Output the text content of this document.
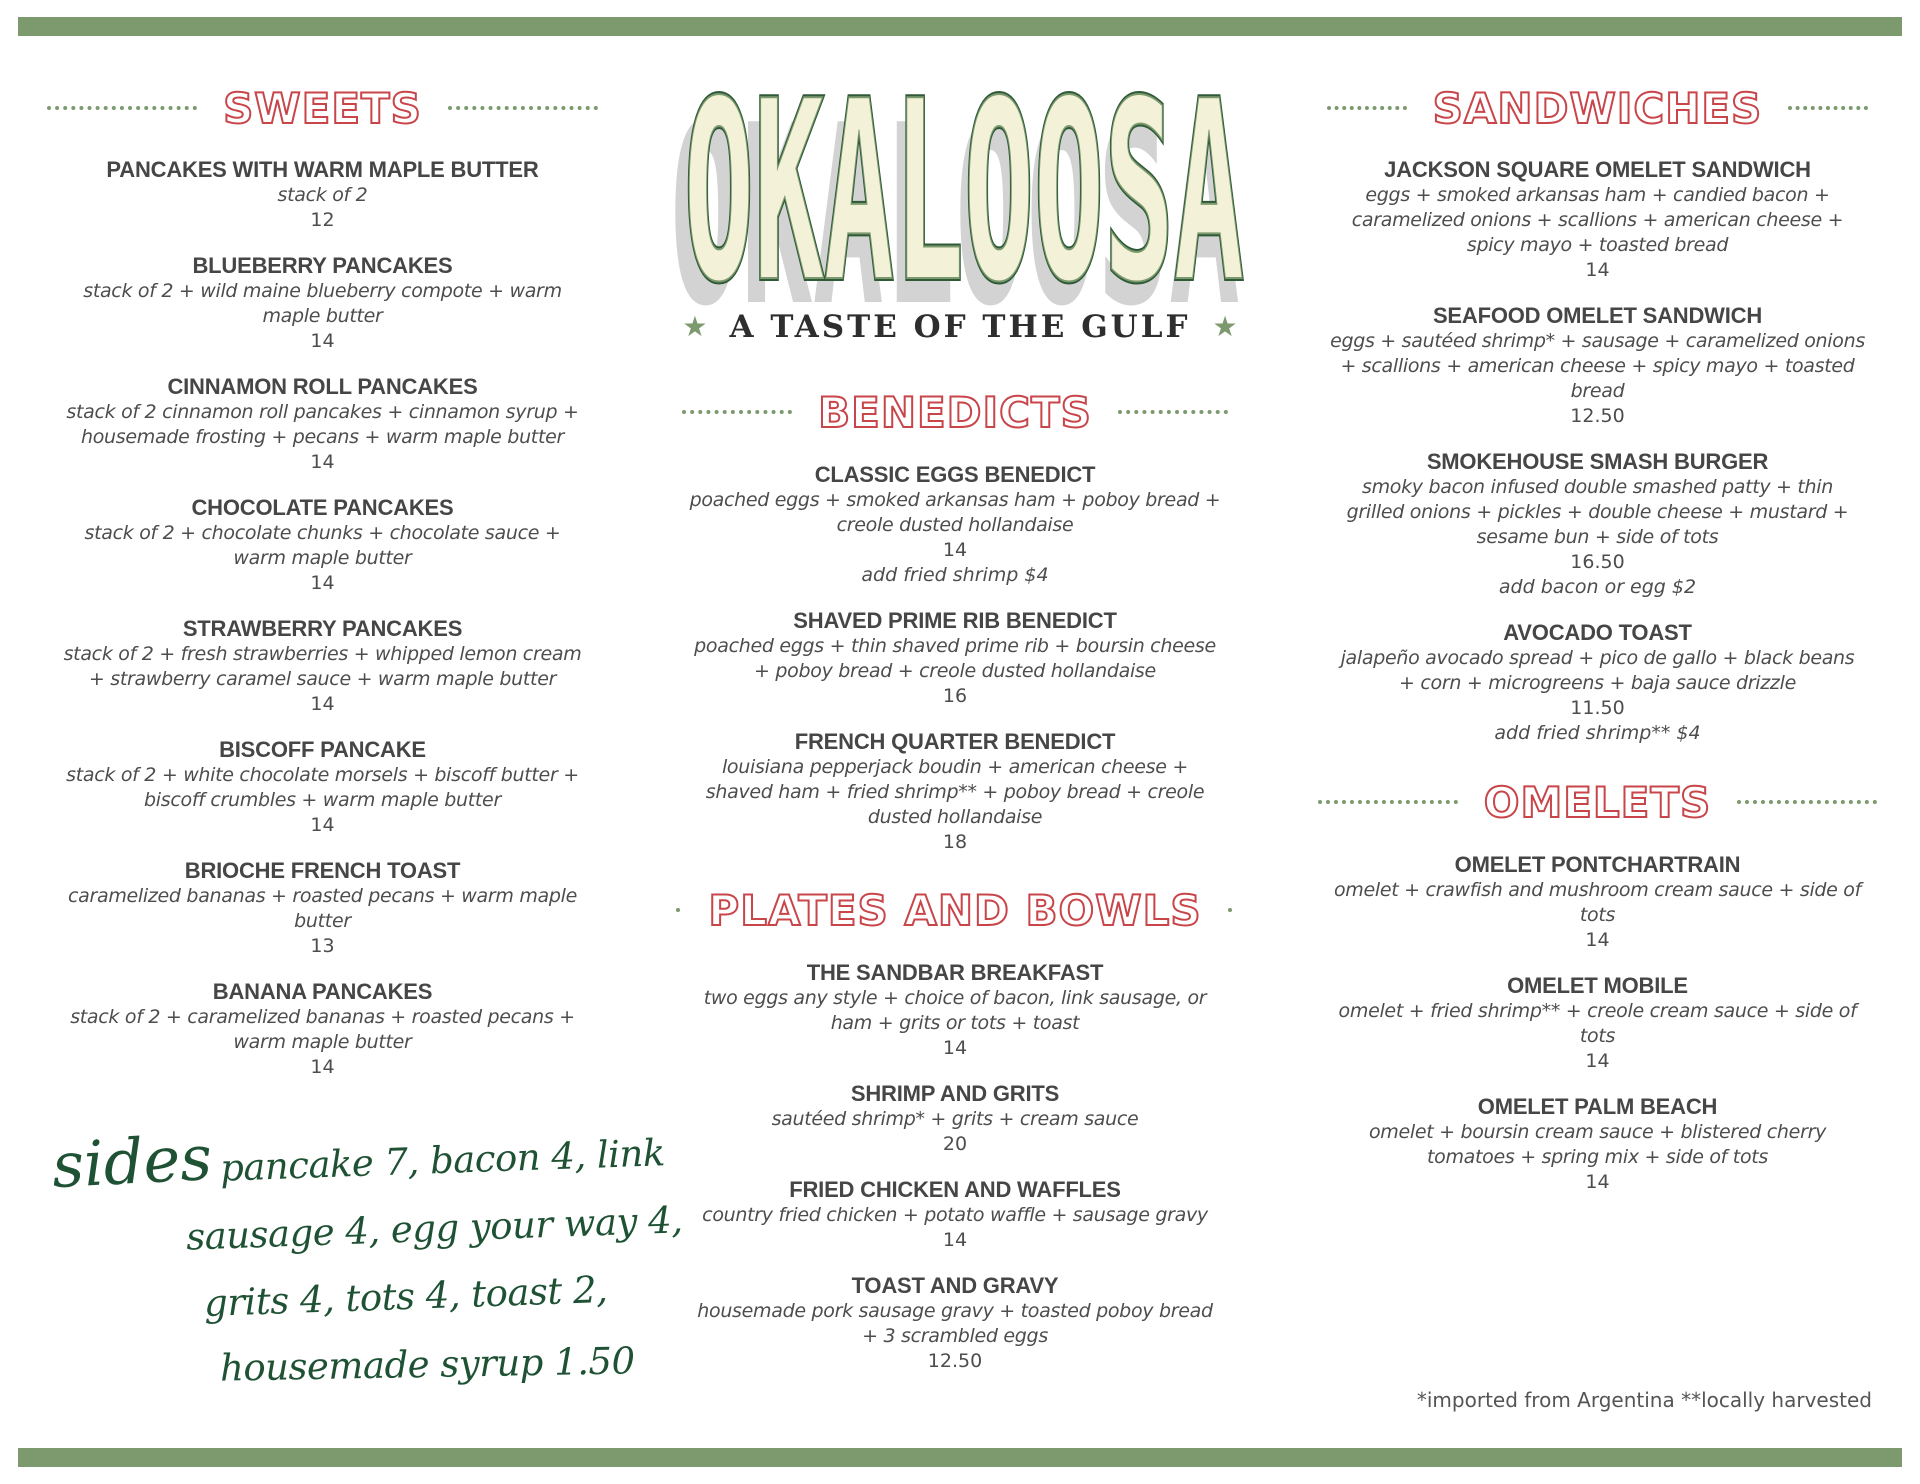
SWEETS
PANCAKES WITH WARM MAPLE BUTTER
stack of 2
12
BLUEBERRY PANCAKES
stack of 2 + wild maine blueberry compote + warm
maple butter
14
CINNAMON ROLL PANCAKES
stack of 2 cinnamon roll pancakes + cinnamon syrup +
housemade frosting + pecans + warm maple butter
14
CHOCOLATE PANCAKES
stack of 2 + chocolate chunks + chocolate sauce +
warm maple butter
14
STRAWBERRY PANCAKES
stack of 2 + fresh strawberries + whipped lemon cream
+ strawberry caramel sauce + warm maple butter
14
BISCOFF PANCAKE
stack of 2 + white chocolate morsels + biscoff butter +
biscoff crumbles + warm maple butter
14
BRIOCHE FRENCH TOAST
caramelized bananas + roasted pecans + warm maple
butter
13
BANANA PANCAKES
stack of 2 + caramelized bananas + roasted pecans +
warm maple butter
14
sides pancake 7, bacon 4, link
sausage 4, egg your way 4,
grits 4, tots 4, toast 2,
housemade syrup 1.50
OKALOOSA
OKALOOSA
OKALOOSA
★ A TASTE OF THE GULF ★
BENEDICTS
CLASSIC EGGS BENEDICT
poached eggs + smoked arkansas ham + poboy bread +
creole dusted hollandaise
14
add fried shrimp $4
SHAVED PRIME RIB BENEDICT
poached eggs + thin shaved prime rib + boursin cheese
+ poboy bread + creole dusted hollandaise
16
FRENCH QUARTER BENEDICT
louisiana pepperjack boudin + american cheese +
shaved ham + fried shrimp** + poboy bread + creole
dusted hollandaise
18
PLATES AND BOWLS
THE SANDBAR BREAKFAST
two eggs any style + choice of bacon, link sausage, or
ham + grits or tots + toast
14
SHRIMP AND GRITS
sautéed shrimp* + grits + cream sauce
20
FRIED CHICKEN AND WAFFLES
country fried chicken + potato waffle + sausage gravy
14
TOAST AND GRAVY
housemade pork sausage gravy + toasted poboy bread
+ 3 scrambled eggs
12.50
SANDWICHES
JACKSON SQUARE OMELET SANDWICH
eggs + smoked arkansas ham + candied bacon +
caramelized onions + scallions + american cheese +
spicy mayo + toasted bread
14
SEAFOOD OMELET SANDWICH
eggs + sautéed shrimp* + sausage + caramelized onions
+ scallions + american cheese + spicy mayo + toasted
bread
12.50
SMOKEHOUSE SMASH BURGER
smoky bacon infused double smashed patty + thin
grilled onions + pickles + double cheese + mustard +
sesame bun + side of tots
16.50
add bacon or egg $2
AVOCADO TOAST
jalapeño avocado spread + pico de gallo + black beans
+ corn + microgreens + baja sauce drizzle
11.50
add fried shrimp** $4
OMELETS
OMELET PONTCHARTRAIN
omelet + crawfish and mushroom cream sauce + side of
tots
14
OMELET MOBILE
omelet + fried shrimp** + creole cream sauce + side of
tots
14
OMELET PALM BEACH
omelet + boursin cream sauce + blistered cherry
tomatoes + spring mix + side of tots
14
*imported from Argentina **locally harvested
